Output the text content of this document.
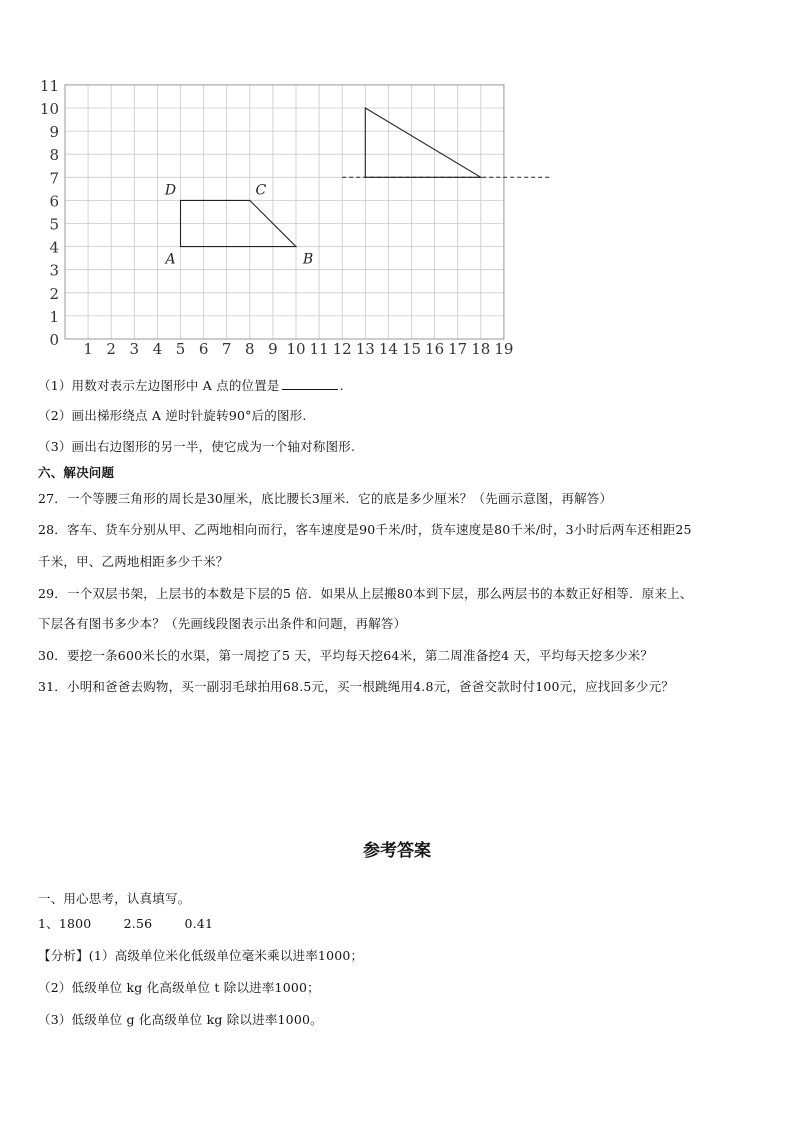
1 2 3 4 5 6 7 8 9 10 11 12 13 14 15 16 17 18 19
0
1
2
3
4
5
6
7
8
9
10
11
A	B
C
D
（1）用数对表示左边图形中 A 点的位置是	.
（2）画出梯形绕点 A 逆时针旋转90°后的图形.
（3）画出右边图形的另一半，使它成为一个轴对称图形.
六、解决问题
27．一个等腰三角形的周长是30厘米，底比腰长3厘米．它的底是多少厘米？（先画示意图，再解答）
28．客车、货车分别从甲、乙两地相向而行，客车速度是90千米/时，货车速度是80千米/时，3小时后两车还相距25
千米，甲、乙两地相距多少千米？
29．一个双层书架，上层书的本数是下层的5 倍．如果从上层搬80本到下层，那么两层书的本数正好相等．原来上、
下层各有图书多少本？（先画线段图表示出条件和问题，再解答）
30．要挖一条600米长的水渠，第一周挖了5 天，平均每天挖64米，第二周准备挖4 天，平均每天挖多少米？
31．小明和爸爸去购物，买一副羽毛球拍用68.5元，买一根跳绳用4.8元，爸爸交款时付100元，应找回多少元？
参考答案
一、用心思考，认真填写。
1、1800	2.56	0.41
【分析】(1）高级单位米化低级单位毫米乘以进率1000；
（2）低级单位 kg 化高级单位 t 除以进率1000；
（3）低级单位 g 化高级单位 kg 除以进率1000。
